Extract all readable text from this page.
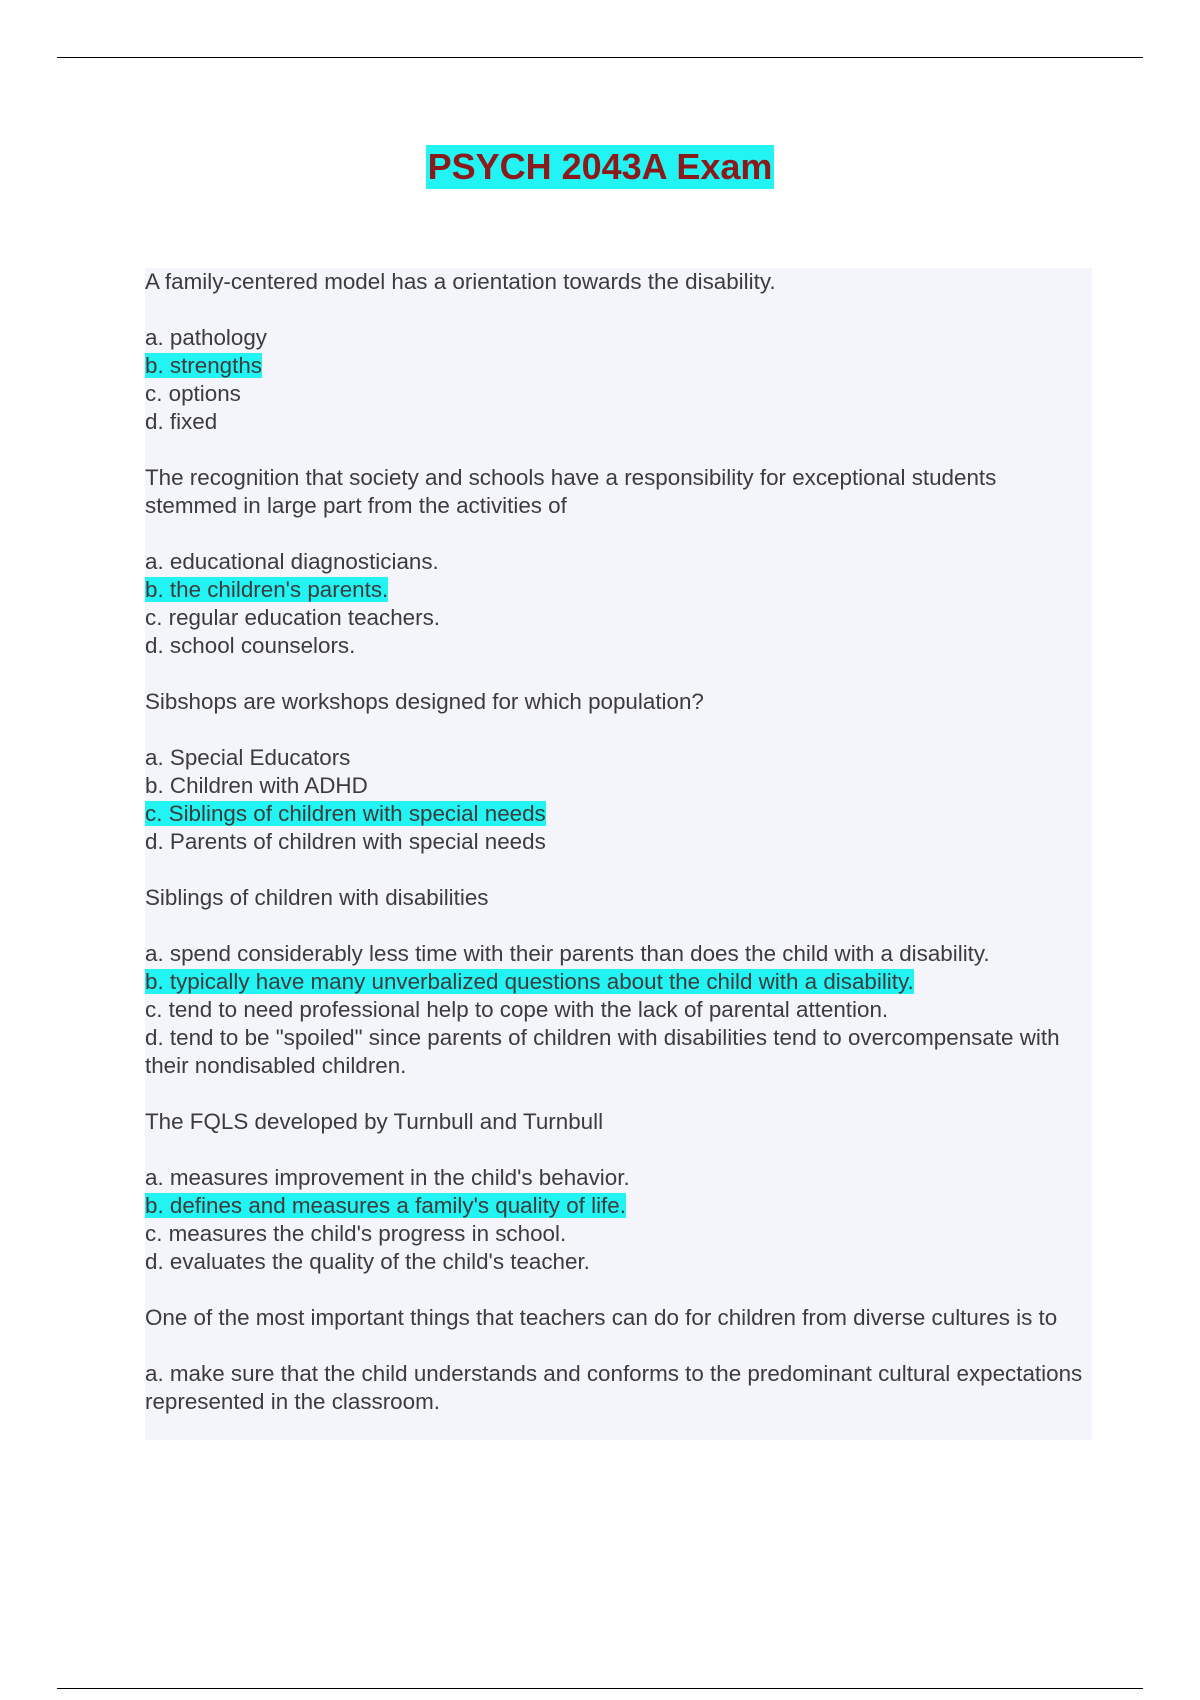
PSYCH 2043A Exam

A family-centered model has a orientation towards the disability.

a. pathology
b. strengths
c. options
d. fixed

The recognition that society and schools have a responsibility for exceptional students stemmed in large part from the activities of

a. educational diagnosticians.
b. the children's parents.
c. regular education teachers.
d. school counselors.

Sibshops are workshops designed for which population?

a. Special Educators
b. Children with ADHD
c. Siblings of children with special needs
d. Parents of children with special needs

Siblings of children with disabilities

a. spend considerably less time with their parents than does the child with a disability.
b. typically have many unverbalized questions about the child with a disability.
c. tend to need professional help to cope with the lack of parental attention.
d. tend to be "spoiled" since parents of children with disabilities tend to overcompensate with their nondisabled children.

The FQLS developed by Turnbull and Turnbull

a. measures improvement in the child's behavior.
b. defines and measures a family's quality of life.
c. measures the child's progress in school.
d. evaluates the quality of the child's teacher.

One of the most important things that teachers can do for children from diverse cultures is to

a. make sure that the child understands and conforms to the predominant cultural expectations represented in the classroom.
